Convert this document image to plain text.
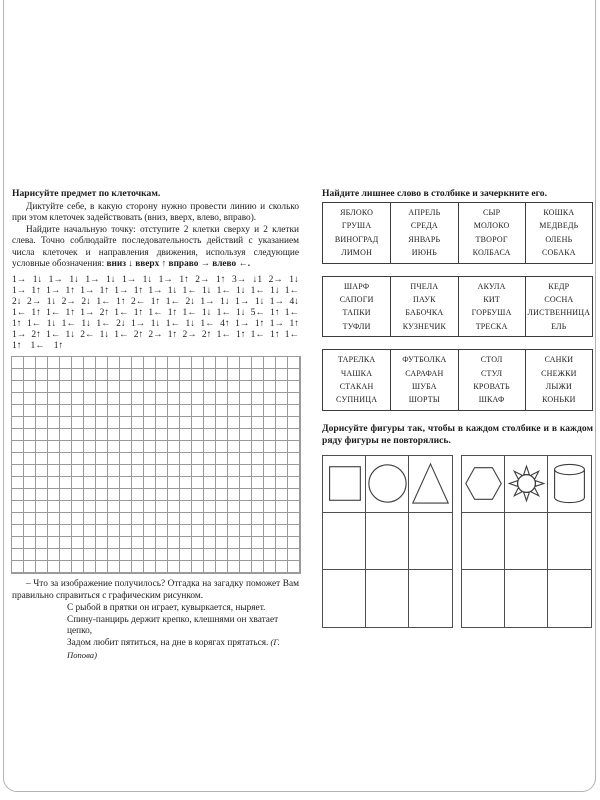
Нарисуйте предмет по клеточкам.

Диктуйте себе, в какую сторону нужно провести линию и сколько при этом клеточек задействовать (вниз, вверх, влево, вправо).

Найдите начальную точку: отступите 2 клетки сверху и 2 клетки слева. Точно соблюдайте последовательность действий с указанием числа клеточек и направления движения, используя следующие условные обозначения: вниз ↓ вверх ↑ вправо → влево ←.

1→ 1↓ 1→ 1↓ 1→ 1↓ 1→ 1↓ 1→ 1↑ 2→ 1↑ 3→ ↓1 2→ 1↓
1→ 1↑ 1→ 1↑ 1→ 1↑ 1→ 1↑ 1→ 1↓ 1← 1↓ 1← 1↓ 1← 1↓ 1←
2↓ 2→ 1↓ 2→ 2↓ 1← 1↑ 2← 1↑ 1← 2↓ 1→ 1↓ 1→ 1↓ 1→ 4↓
1← 1↑ 1← 1↑ 1→ 2↑ 1← 1↑ 1← 1↑ 1← 1↓ 1← 1↓ 5← 1↑ 1←
1↑ 1← 1↓ 1← 1↓ 1← 2↓ 1→ 1↓ 1← 1↓ 1← 4↑ 1→ 1↑ 1→ 1↑
1→ 2↑ 1← 1↓ 2← 1↓ 1← 2↑ 2→ 1↑ 2→ 2↑ 1← 1↑ 1← 1↑ 1←
1↑ 1← 1↑

– Что за изображение получилось? Отгадка на загадку поможет Вам правильно справиться с графическим рисунком.

С рыбой в прятки он играет, кувыркается, ныряет.
Спину-панцирь держит крепко, клешнями он хватает цепко,
Задом любит пятиться, на дне в корягах прятаться. (Г. Попова)

Найдите лишнее слово в столбике и зачеркните его.

ЯБЛОКО
ГРУША
ВИНОГРАД
ЛИМОН
АПРЕЛЬ
СРЕДА
ЯНВАРЬ
ИЮНЬ
СЫР
МОЛОКО
ТВОРОГ
КОЛБАСА
КОШКА
МЕДВЕДЬ
ОЛЕНЬ
СОБАКА
ШАРФ
САПОГИ
ТАПКИ
ТУФЛИ
ПЧЕЛА
ПАУК
БАБОЧКА
КУЗНЕЧИК
АКУЛА
КИТ
ГОРБУША
ТРЕСКА
КЕДР
СОСНА
ЛИСТВЕННИЦА
ЕЛЬ
ТАРЕЛКА
ЧАШКА
СТАКАН
СУПНИЦА
ФУТБОЛКА
САРАФАН
ШУБА
ШОРТЫ
СТОЛ
СТУЛ
КРОВАТЬ
ШКАФ
САНКИ
СНЕЖКИ
ЛЫЖИ
КОНЬКИ

Дорисуйте фигуры так, чтобы в каждом столбике и в каждом ряду фигуры не повторялись.
